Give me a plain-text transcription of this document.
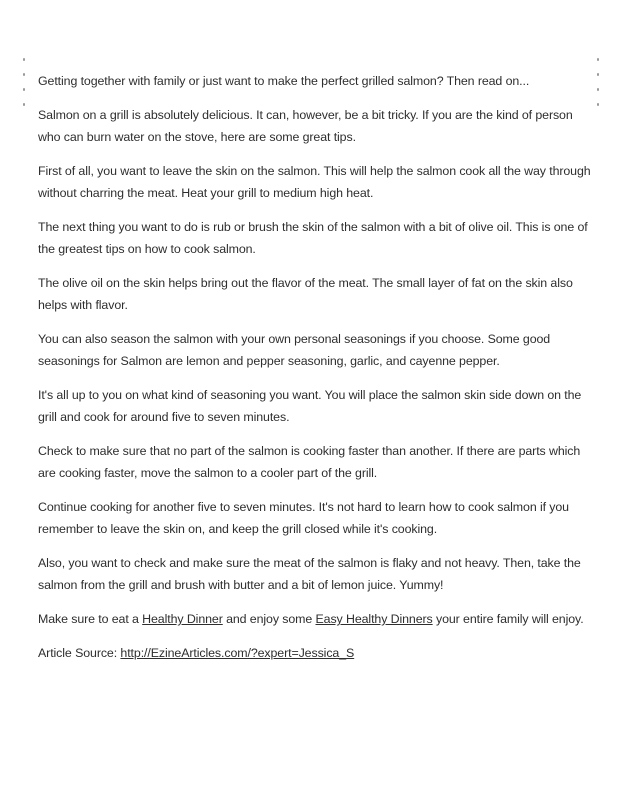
Getting together with family or just want to make the perfect grilled salmon? Then read on...

Salmon on a grill is absolutely delicious. It can, however, be a bit tricky. If you are the kind of person who can burn water on the stove, here are some great tips.

First of all, you want to leave the skin on the salmon. This will help the salmon cook all the way through without charring the meat. Heat your grill to medium high heat.

The next thing you want to do is rub or brush the skin of the salmon with a bit of olive oil. This is one of the greatest tips on how to cook salmon.

The olive oil on the skin helps bring out the flavor of the meat. The small layer of fat on the skin also helps with flavor.

You can also season the salmon with your own personal seasonings if you choose. Some good seasonings for Salmon are lemon and pepper seasoning, garlic, and cayenne pepper.

It's all up to you on what kind of seasoning you want. You will place the salmon skin side down on the grill and cook for around five to seven minutes.

Check to make sure that no part of the salmon is cooking faster than another. If there are parts which are cooking faster, move the salmon to a cooler part of the grill.

Continue cooking for another five to seven minutes. It's not hard to learn how to cook salmon if you remember to leave the skin on, and keep the grill closed while it's cooking.

Also, you want to check and make sure the meat of the salmon is flaky and not heavy. Then, take the salmon from the grill and brush with butter and a bit of lemon juice. Yummy!

Make sure to eat a Healthy Dinner and enjoy some Easy Healthy Dinners your entire family will enjoy.

Article Source: http://EzineArticles.com/?expert=Jessica_S
